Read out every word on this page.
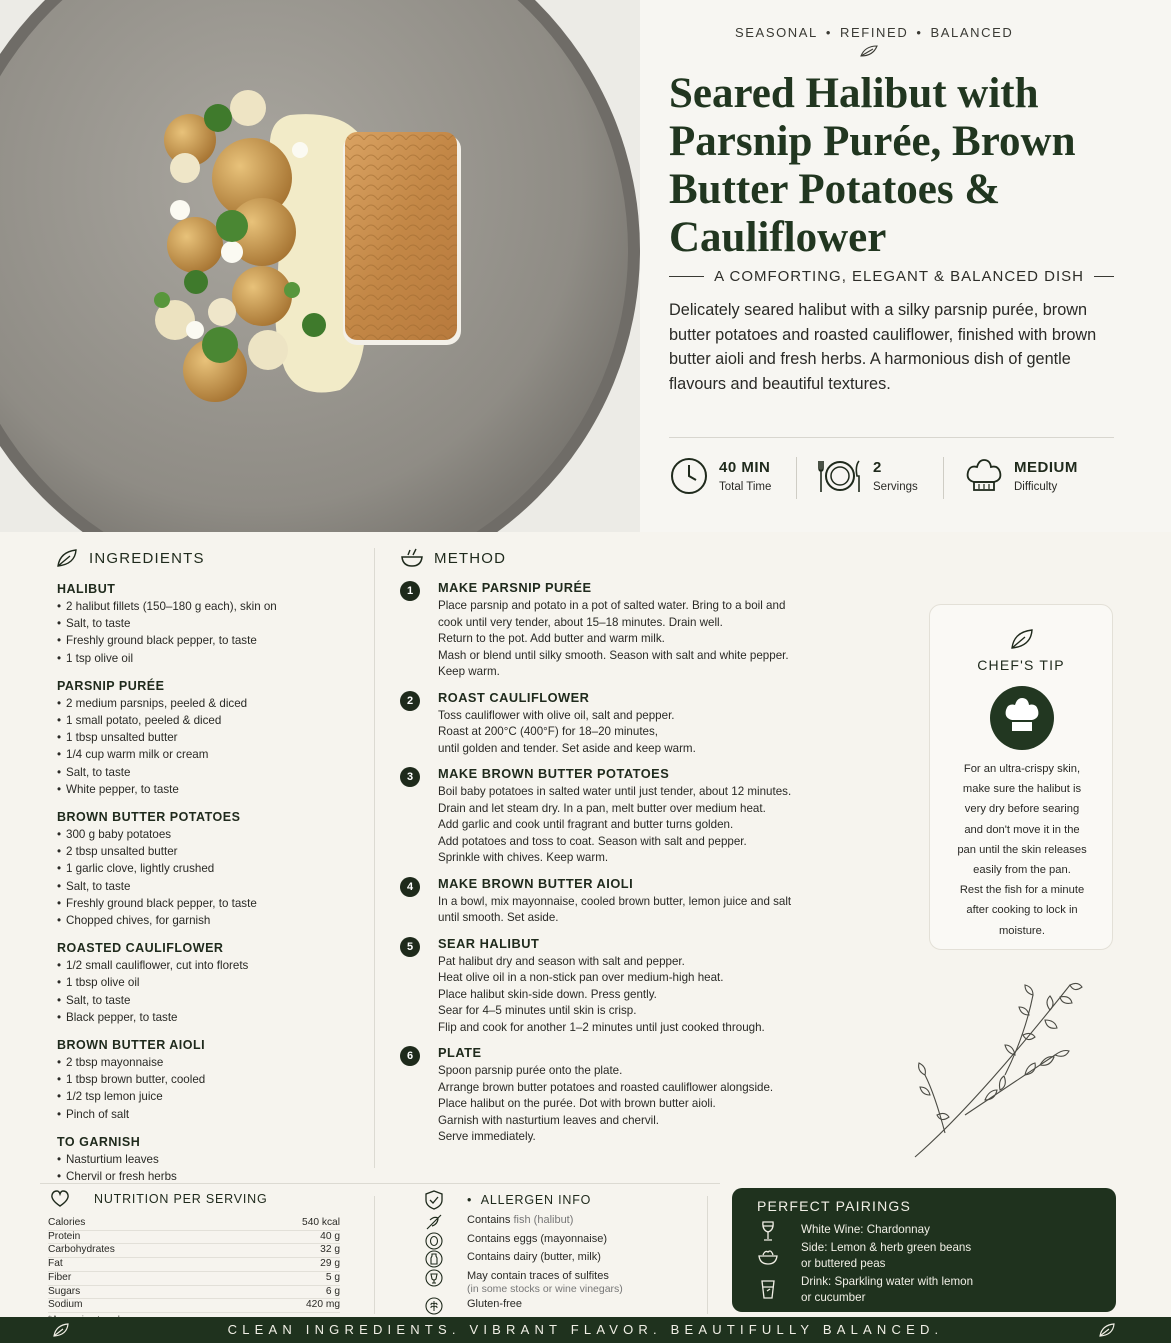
SEASONAL • REFINED • BALANCED
Seared Halibut with Parsnip Purée, Brown Butter Potatoes & Cauliflower
A COMFORTING, ELEGANT & BALANCED DISH

Delicately seared halibut with a silky parsnip purée, brown butter potatoes and roasted cauliflower, finished with brown butter aioli and fresh herbs. A harmonious dish of gentle flavours and beautiful textures.

40 MIN
Total Time
2
Servings
MEDIUM
Difficulty
INGREDIENTS
HALIBUT
• 2 halibut fillets (150–180 g each), skin on
• Salt, to taste
• Freshly ground black pepper, to taste
• 1 tsp olive oil
PARSNIP PURÉE
• 2 medium parsnips, peeled & diced
• 1 small potato, peeled & diced
• 1 tbsp unsalted butter
• 1/4 cup warm milk or cream
• Salt, to taste
• White pepper, to taste
BROWN BUTTER POTATOES
• 300 g baby potatoes
• 2 tbsp unsalted butter
• 1 garlic clove, lightly crushed
• Salt, to taste
• Freshly ground black pepper, to taste
• Chopped chives, for garnish
ROASTED CAULIFLOWER
• 1/2 small cauliflower, cut into florets
• 1 tbsp olive oil
• Salt, to taste
• Black pepper, to taste
BROWN BUTTER AIOLI
• 2 tbsp mayonnaise
• 1 tbsp brown butter, cooled
• 1/2 tsp lemon juice
• Pinch of salt
TO GARNISH
• Nasturtium leaves
• Chervil or fresh herbs
METHOD
1	MAKE PARSNIP PURÉE
Place parsnip and potato in a pot of salted water. Bring to a boil and
cook until very tender, about 15–18 minutes. Drain well.
Return to the pot. Add butter and warm milk.
Mash or blend until silky smooth. Season with salt and white pepper.
Keep warm.
2	ROAST CAULIFLOWER
Toss cauliflower with olive oil, salt and pepper.
Roast at 200°C (400°F) for 18–20 minutes,
until golden and tender. Set aside and keep warm.
3	MAKE BROWN BUTTER POTATOES
Boil baby potatoes in salted water until just tender, about 12 minutes.
Drain and let steam dry. In a pan, melt butter over medium heat.
Add garlic and cook until fragrant and butter turns golden.
Add potatoes and toss to coat. Season with salt and pepper.
Sprinkle with chives. Keep warm.
4	MAKE BROWN BUTTER AIOLI
In a bowl, mix mayonnaise, cooled brown butter, lemon juice and salt
until smooth. Set aside.
5	SEAR HALIBUT
Pat halibut dry and season with salt and pepper.
Heat olive oil in a non-stick pan over medium-high heat.
Place halibut skin-side down. Press gently.
Sear for 4–5 minutes until skin is crisp.
Flip and cook for another 1–2 minutes until just cooked through.
6	PLATE
Spoon parsnip purée onto the plate.
Arrange brown butter potatoes and roasted cauliflower alongside.
Place halibut on the purée. Dot with brown butter aioli.
Garnish with nasturtium leaves and chervil.
Serve immediately.
CHEF'S TIP
For an ultra-crispy skin,
make sure the halibut is
very dry before searing
and don't move it in the
pan until the skin releases
easily from the pan.
Rest the fish for a minute
after cooking to lock in
moisture.
NUTRITION PER SERVING
Calories	540 kcal
Protein	40 g
Carbohydrates	32 g
Fat	29 g
Fiber	5 g
Sugars	6 g
Sodium	420 mg
•  ALLERGEN INFO
Contains fish (halibut)
Contains eggs (mayonnaise)
Contains dairy (butter, milk)
May contain traces of sulfites
(in some stocks or wine vinegars)
Gluten-free
PERFECT PAIRINGS
White Wine: Chardonnay
Side: Lemon & herb green beans
or buttered peas
Drink: Sparkling water with lemon
or cucumber
CLEAN INGREDIENTS. VIBRANT FLAVOR. BEAUTIFULLY BALANCED.
